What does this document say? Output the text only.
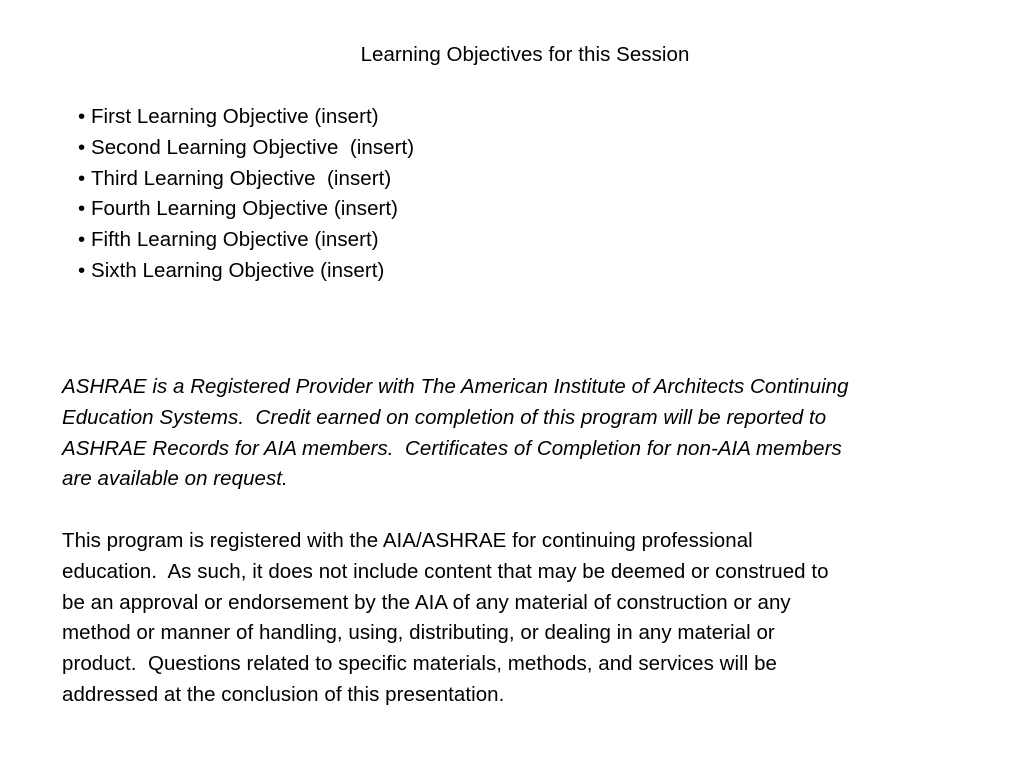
Learning Objectives for this Session
• First Learning Objective (insert)
• Second Learning Objective  (insert)
• Third Learning Objective  (insert)
• Fourth Learning Objective (insert)
• Fifth Learning Objective (insert)
• Sixth Learning Objective (insert)

ASHRAE is a Registered Provider with The American Institute of Architects Continuing
Education Systems.  Credit earned on completion of this program will be reported to
ASHRAE Records for AIA members.  Certificates of Completion for non-AIA members
are available on request.

This program is registered with the AIA/ASHRAE for continuing professional
education.  As such, it does not include content that may be deemed or construed to
be an approval or endorsement by the AIA of any material of construction or any
method or manner of handling, using, distributing, or dealing in any material or
product.  Questions related to specific materials, methods, and services will be
addressed at the conclusion of this presentation.
